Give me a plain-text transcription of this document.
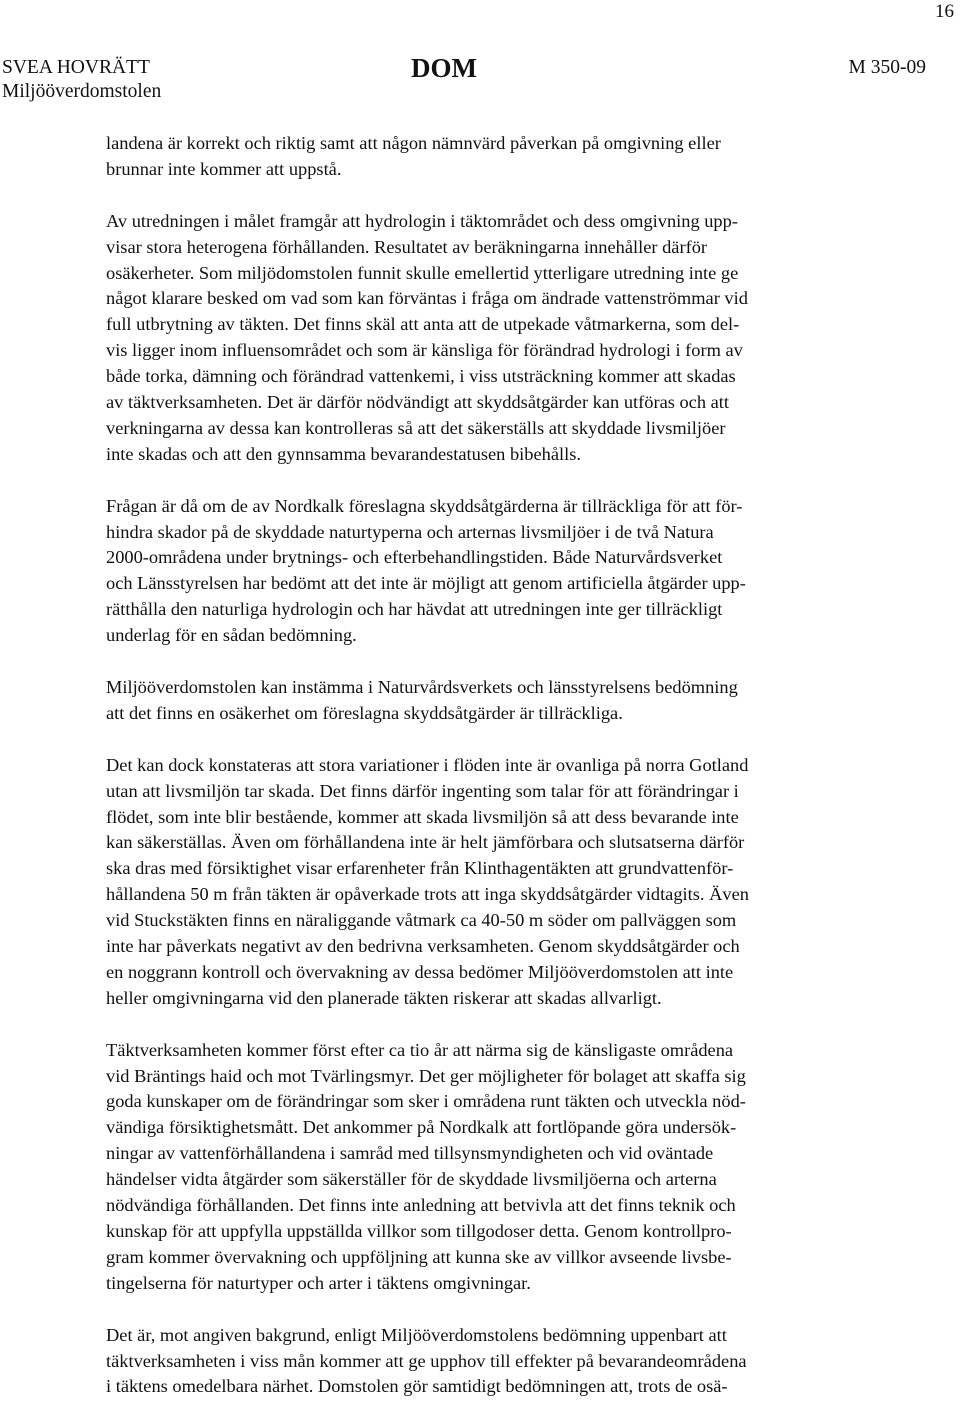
16
SVEA HOVRÄTT
Miljööverdomstolen
DOM	M 350-09
landena är korrekt och riktig samt att någon nämnvärd påverkan på omgivning eller
brunnar inte kommer att uppstå.
Av utredningen i målet framgår att hydrologin i täktområdet och dess omgivning upp-
visar stora heterogena förhållanden. Resultatet av beräkningarna innehåller därför
osäkerheter. Som miljödomstolen funnit skulle emellertid ytterligare utredning inte ge
något klarare besked om vad som kan förväntas i fråga om ändrade vattenströmmar vid
full utbrytning av täkten. Det finns skäl att anta att de utpekade våtmarkerna, som del-
vis ligger inom influensområdet och som är känsliga för förändrad hydrologi i form av
både torka, dämning och förändrad vattenkemi, i viss utsträckning kommer att skadas
av täktverksamheten. Det är därför nödvändigt att skyddsåtgärder kan utföras och att
verkningarna av dessa kan kontrolleras så att det säkerställs att skyddade livsmiljöer
inte skadas och att den gynnsamma bevarandestatusen bibehålls.
Frågan är då om de av Nordkalk föreslagna skyddsåtgärderna är tillräckliga för att för-
hindra skador på de skyddade naturtyperna och arternas livsmiljöer i de två Natura
2000-områdena under brytnings- och efterbehandlingstiden. Både Naturvårdsverket
och Länsstyrelsen har bedömt att det inte är möjligt att genom artificiella åtgärder upp-
rätthålla den naturliga hydrologin och har hävdat att utredningen inte ger tillräckligt
underlag för en sådan bedömning.
Miljööverdomstolen kan instämma i Naturvårdsverkets och länsstyrelsens bedömning
att det finns en osäkerhet om föreslagna skyddsåtgärder är tillräckliga.
Det kan dock konstateras att stora variationer i flöden inte är ovanliga på norra Gotland
utan att livsmiljön tar skada. Det finns därför ingenting som talar för att förändringar i
flödet, som inte blir bestående, kommer att skada livsmiljön så att dess bevarande inte
kan säkerställas. Även om förhållandena inte är helt jämförbara och slutsatserna därför
ska dras med försiktighet visar erfarenheter från Klinthagentäkten att grundvattenför-
hållandena 50 m från täkten är opåverkade trots att inga skyddsåtgärder vidtagits. Även
vid Stuckstäkten finns en näraliggande våtmark ca 40-50 m söder om pallväggen som
inte har påverkats negativt av den bedrivna verksamheten. Genom skyddsåtgärder och
en noggrann kontroll och övervakning av dessa bedömer Miljööverdomstolen att inte
heller omgivningarna vid den planerade täkten riskerar att skadas allvarligt.
Täktverksamheten kommer först efter ca tio år att närma sig de känsligaste områdena
vid Bräntings haid och mot Tvärlingsmyr. Det ger möjligheter för bolaget att skaffa sig
goda kunskaper om de förändringar som sker i områdena runt täkten och utveckla nöd-
vändiga försiktighetsmått. Det ankommer på Nordkalk att fortlöpande göra undersök-
ningar av vattenförhållandena i samråd med tillsynsmyndigheten och vid oväntade
händelser vidta åtgärder som säkerställer för de skyddade livsmiljöerna och arterna
nödvändiga förhållanden. Det finns inte anledning att betvivla att det finns teknik och
kunskap för att uppfylla uppställda villkor som tillgodoser detta. Genom kontrollpro-
gram kommer övervakning och uppföljning att kunna ske av villkor avseende livsbe-
tingelserna för naturtyper och arter i täktens omgivningar.
Det är, mot angiven bakgrund, enligt Miljööverdomstolens bedömning uppenbart att
täktverksamheten i viss mån kommer att ge upphov till effekter på bevarandeområdena
i täktens omedelbara närhet. Domstolen gör samtidigt bedömningen att, trots de osä-
